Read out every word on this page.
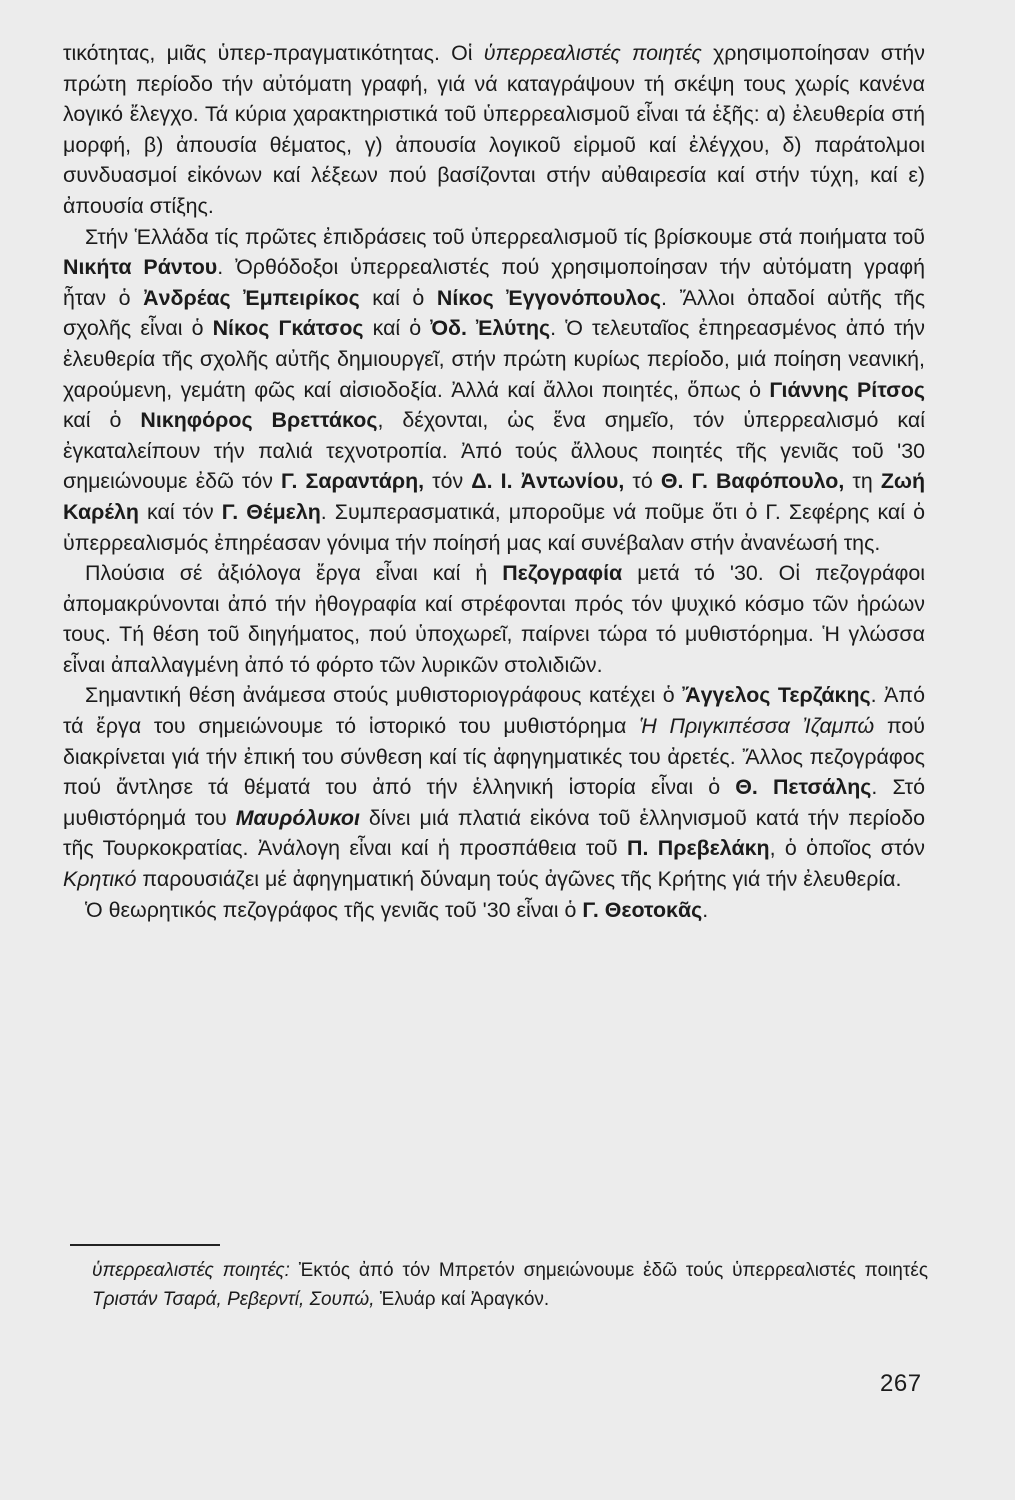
τικότητας, μιᾶς ὑπερ-πραγματικότητας. Οἱ ὑπερρεαλιστές ποιητές χρησιμοποίησαν στήν πρώτη περίοδο τήν αὐτόματη γραφή, γιά νά καταγράψουν τή σκέψη τους χωρίς κανένα λογικό ἔλεγχο. Τά κύρια χαρακτηριστικά τοῦ ὑπερρεαλισμοῦ εἶναι τά ἑξῆς: α) ἐλευθερία στή μορφή, β) ἀπουσία θέματος, γ) ἀπουσία λογικοῦ εἱρμοῦ καί ἐλέγχου, δ) παράτολμοι συνδυασμοί εἰκόνων καί λέξεων πού βασίζονται στήν αὐθαιρεσία καί στήν τύχη, καί ε) ἀπουσία στίξης.

Στήν Ἑλλάδα τίς πρῶτες ἐπιδράσεις τοῦ ὑπερρεαλισμοῦ τίς βρίσκουμε στά ποιήματα τοῦ Νικήτα Ράντου. Ὀρθόδοξοι ὑπερρεαλιστές πού χρησιμοποίησαν τήν αὐτόματη γραφή ἦταν ὁ Ἀνδρέας Ἐμπειρίκος καί ὁ Νίκος Ἐγγονόπουλος. Ἄλλοι ὀπαδοί αὐτῆς τῆς σχολῆς εἶναι ὁ Νίκος Γκάτσος καί ὁ Ὀδ. Ἐλύτης. Ὁ τελευταῖος ἐπηρεασμένος ἀπό τήν ἐλευθερία τῆς σχολῆς αὐτῆς δημιουργεῖ, στήν πρώτη κυρίως περίοδο, μιά ποίηση νεανική, χαρούμενη, γεμάτη φῶς καί αἰσιοδοξία. Ἀλλά καί ἄλλοι ποιητές, ὅπως ὁ Γιάννης Ρίτσος καί ὁ Νικηφόρος Βρεττάκος, δέχονται, ὡς ἕνα σημεῖο, τόν ὑπερρεαλισμό καί ἐγκαταλείπουν τήν παλιά τεχνοτροπία. Ἀπό τούς ἄλλους ποιητές τῆς γενιᾶς τοῦ '30 σημειώνουμε ἐδῶ τόν Γ. Σαραντάρη, τόν Δ. Ι. Ἀντωνίου, τό Θ. Γ. Βαφόπουλο, τη Ζωή Καρέλη καί τόν Γ. Θέμελη. Συμπερασματικά, μποροῦμε νά ποῦμε ὅτι ὁ Γ. Σεφέρης καί ὁ ὑπερρεαλισμός ἐπηρέασαν γόνιμα τήν ποίησή μας καί συνέβαλαν στήν ἀνανέωσή της.

Πλούσια σέ ἀξιόλογα ἔργα εἶναι καί ἡ Πεζογραφία μετά τό '30. Οἱ πεζογράφοι ἀπομακρύνονται ἀπό τήν ἠθογραφία καί στρέφονται πρός τόν ψυχικό κόσμο τῶν ἡρώων τους. Τή θέση τοῦ διηγήματος, πού ὑποχωρεῖ, παίρνει τώρα τό μυθιστόρημα. Ἡ γλώσσα εἶναι ἀπαλλαγμένη ἀπό τό φόρτο τῶν λυρικῶν στολιδιῶν.

Σημαντική θέση ἀνάμεσα στούς μυθιστοριογράφους κατέχει ὁ Ἄγγελος Τερζάκης. Ἀπό τά ἔργα του σημειώνουμε τό ἱστορικό του μυθιστόρημα Ἡ Πριγκιπέσσα Ἰζαμπώ πού διακρίνεται γιά τήν ἐπική του σύνθεση καί τίς ἀφηγηματικές του ἀρετές. Ἄλλος πεζογράφος πού ἄντλησε τά θέματά του ἀπό τήν ἑλληνική ἱστορία εἶναι ὁ Θ. Πετσάλης. Στό μυθιστόρημά του Μαυρόλυκοι δίνει μιά πλατιά εἰκόνα τοῦ ἑλληνισμοῦ κατά τήν περίοδο τῆς Τουρκοκρατίας. Ἀνάλογη εἶναι καί ἡ προσπάθεια τοῦ Π. Πρεβελάκη, ὁ ὁποῖος στόν Κρητικό παρουσιάζει μέ ἀφηγηματική δύναμη τούς ἀγῶνες τῆς Κρήτης γιά τήν ἐλευθερία.

Ὁ θεωρητικός πεζογράφος τῆς γενιᾶς τοῦ '30 εἶναι ὁ Γ. Θεοτοκᾶς.

ὑπερρεαλιστές ποιητές: Ἐκτός ἀπό τόν Μπρετόν σημειώνουμε ἐδῶ τούς ὑπερρεαλιστές ποιητές Τριστάν Τσαρά, Ρεβερντί, Σουπώ, Ἐλυάρ καί Ἀραγκόν.
267
